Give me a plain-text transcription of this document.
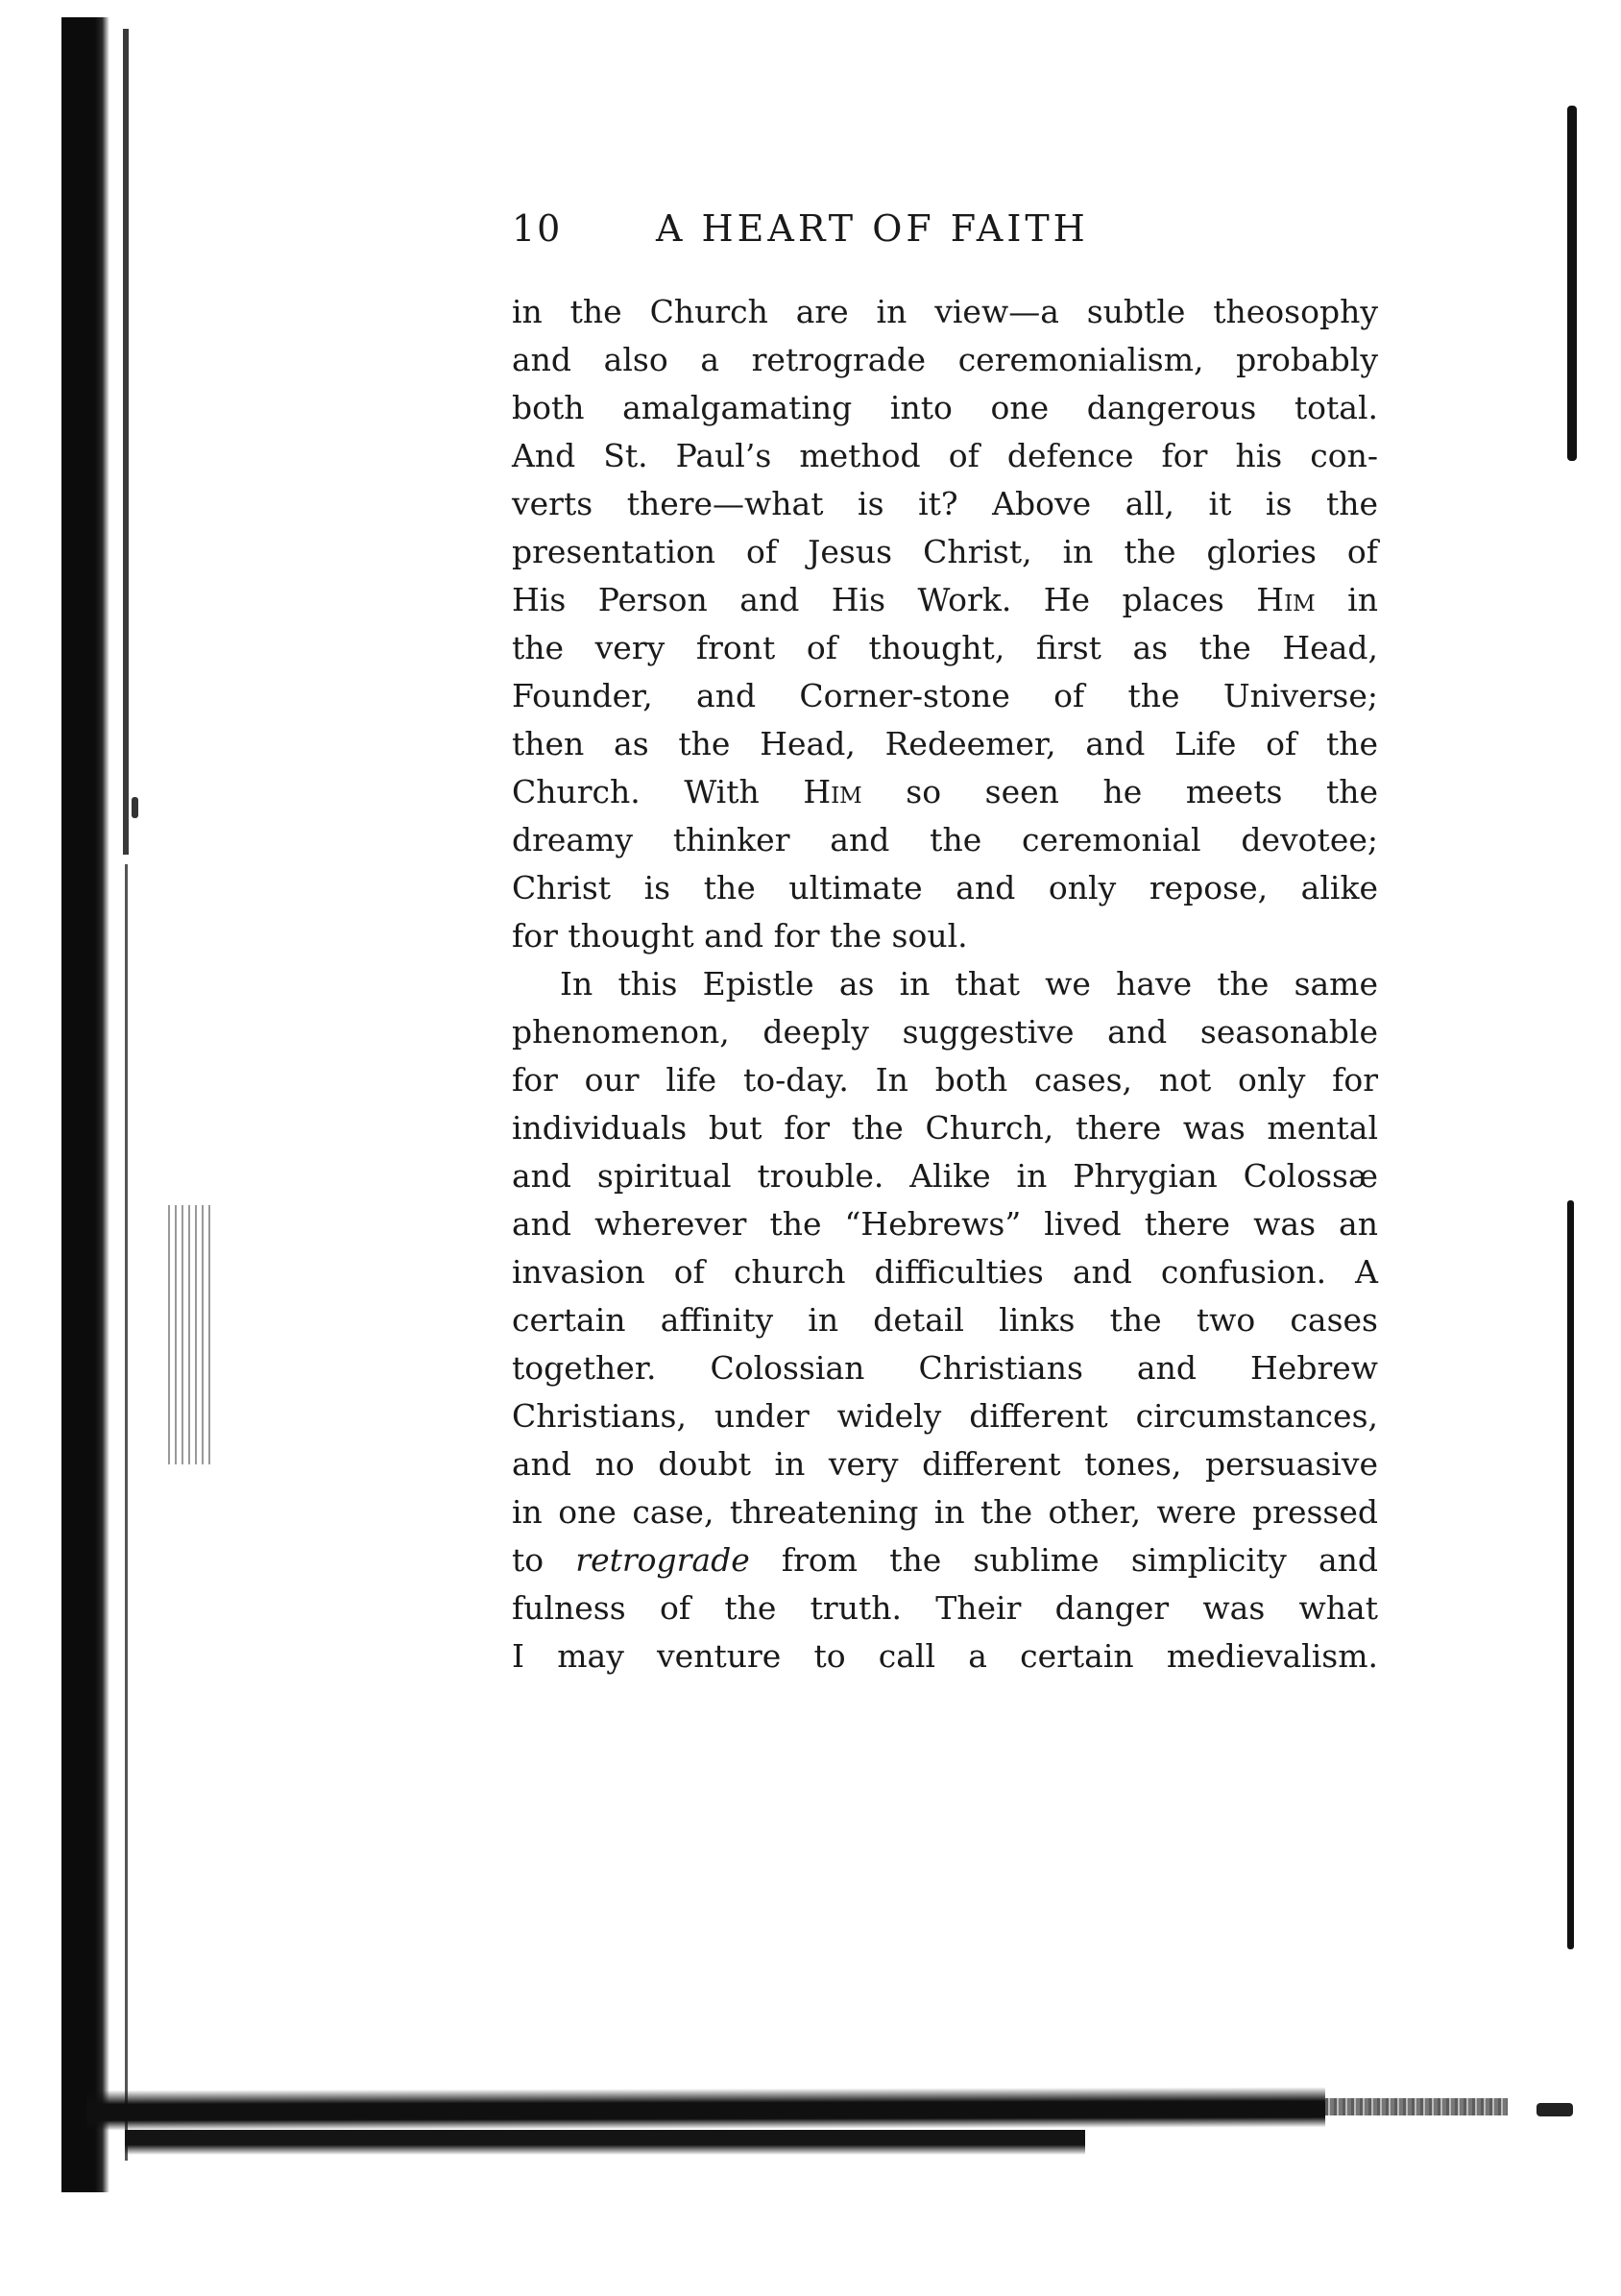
10	A HEART OF FAITH
in the Church are in view—a subtle theosophy
and also a retrograde ceremonialism, probably
both amalgamating into one dangerous total.
And St. Paul’s method of defence for his con-
verts there—what is it? Above all, it is the
presentation of Jesus Christ, in the glories of
His Person and His Work. He places Him in
the very front of thought, first as the Head,
Founder, and Corner-stone of the Universe;
then as the Head, Redeemer, and Life of the
Church. With Him so seen he meets the
dreamy thinker and the ceremonial devotee;
Christ is the ultimate and only repose, alike
for thought and for the soul.
In this Epistle as in that we have the same
phenomenon, deeply suggestive and seasonable
for our life to-day. In both cases, not only for
individuals but for the Church, there was mental
and spiritual trouble. Alike in Phrygian Colossæ
and wherever the “Hebrews” lived there was an
invasion of church difficulties and confusion. A
certain affinity in detail links the two cases
together. Colossian Christians and Hebrew
Christians, under widely different circumstances,
and no doubt in very different tones, persuasive
in one case, threatening in the other, were pressed
to retrograde from the sublime simplicity and
fulness of the truth. Their danger was what
I may venture to call a certain medievalism.
